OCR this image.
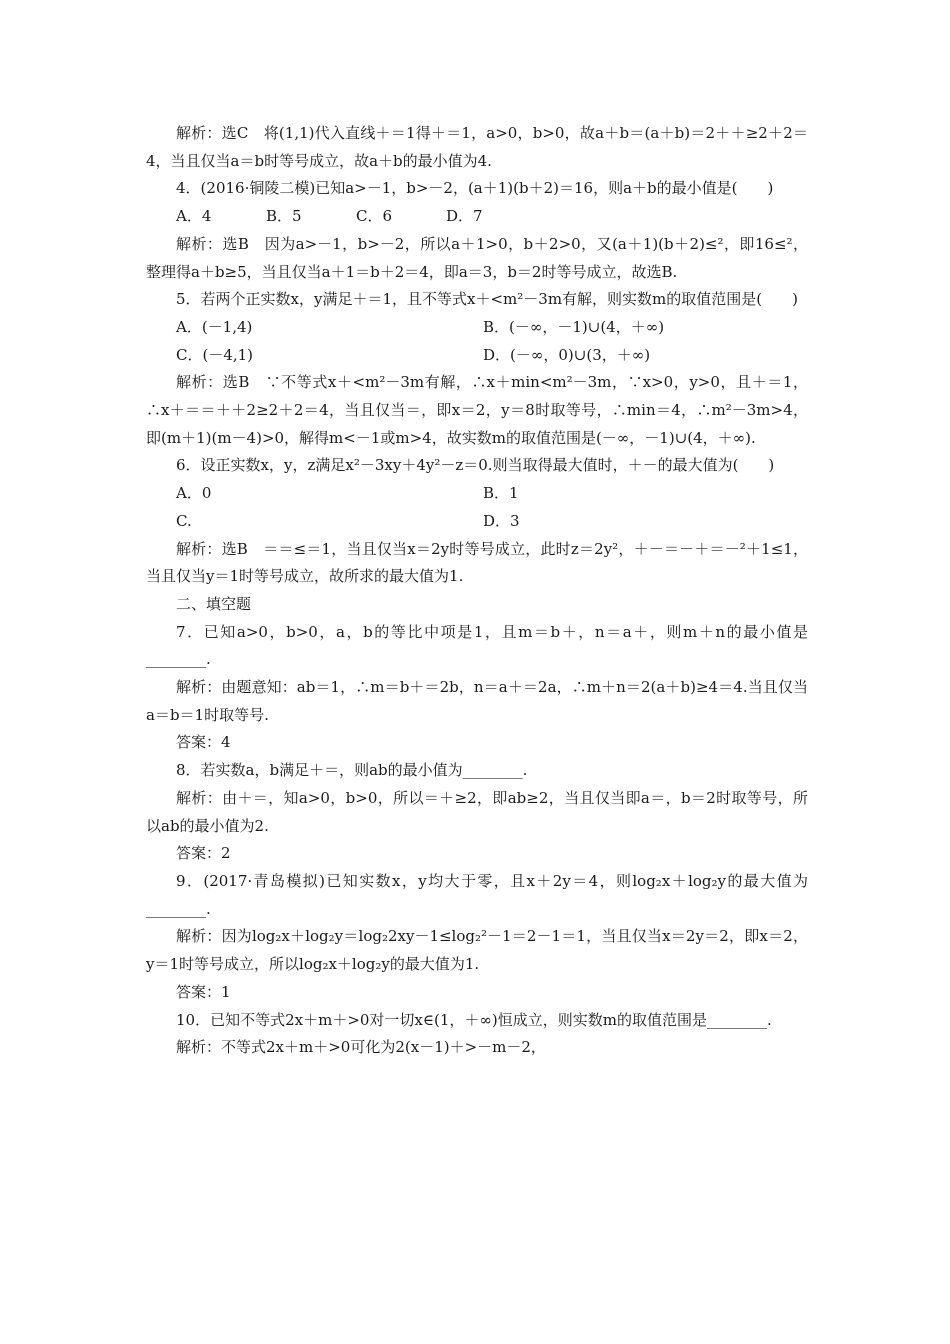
解析：选C　将(1,1)代入直线＋＝1得＋＝1，a>0，b>0，故a＋b＝(a＋b)＝2＋＋≥2＋2＝4，当且仅当a＝b时等号成立，故a＋b的最小值为4.

4．(2016·铜陵二模)已知a>－1，b>－2，(a＋1)(b＋2)＝16，则a＋b的最小值是(　　)

A．4	B．5	C．6	D．7

解析：选B　因为a>－1，b>－2，所以a＋1>0，b＋2>0，又(a＋1)(b＋2)≤²，即16≤²，整理得a＋b≥5，当且仅当a＋1＝b＋2＝4，即a＝3，b＝2时等号成立，故选B.

5．若两个正实数x，y满足＋＝1，且不等式x＋<m²－3m有解，则实数m的取值范围是(　　)

A．(－1,4)	B．(－∞，－1)∪(4，＋∞)
C．(－4,1)	D．(－∞，0)∪(3，＋∞)

解析：选B　∵不等式x＋<m²－3m有解，∴x＋min<m²－3m，∵x>0，y>0，且＋＝1，∴x＋＝＝＋＋2≥2＋2＝4，当且仅当＝，即x＝2，y＝8时取等号，∴min＝4，∴m²－3m>4，即(m＋1)(m－4)>0，解得m<－1或m>4，故实数m的取值范围是(－∞，－1)∪(4，＋∞).

6．设正实数x，y，z满足x²－3xy＋4y²－z＝0.则当取得最大值时，＋－的最大值为(　　)

A．0	B．1
C.	D．3

解析：选B　＝＝≤＝1，当且仅当x＝2y时等号成立，此时z＝2y²，＋－＝－＋＝－²＋1≤1，当且仅当y＝1时等号成立，故所求的最大值为1.

二、填空题

7．已知a>0，b>0，a，b的等比中项是1，且m＝b＋，n＝a＋，则m＋n的最小值是________.

解析：由题意知：ab＝1，∴m＝b＋＝2b，n＝a＋＝2a，∴m＋n＝2(a＋b)≥4＝4.当且仅当a＝b＝1时取等号.

答案：4

8．若实数a，b满足＋＝，则ab的最小值为________.

解析：由＋＝，知a>0，b>0，所以＝＋≥2，即ab≥2，当且仅当即a＝，b＝2时取等号，所以ab的最小值为2.

答案：2

9．(2017·青岛模拟)已知实数x，y均大于零，且x＋2y＝4，则log₂x＋log₂y的最大值为________.

解析：因为log₂x＋log₂y＝log₂2xy－1≤log₂²－1＝2－1＝1，当且仅当x＝2y＝2，即x＝2，y＝1时等号成立，所以log₂x＋log₂y的最大值为1.

答案：1

10．已知不等式2x＋m＋>0对一切x∈(1，＋∞)恒成立，则实数m的取值范围是________.

解析：不等式2x＋m＋>0可化为2(x－1)＋>－m－2，
